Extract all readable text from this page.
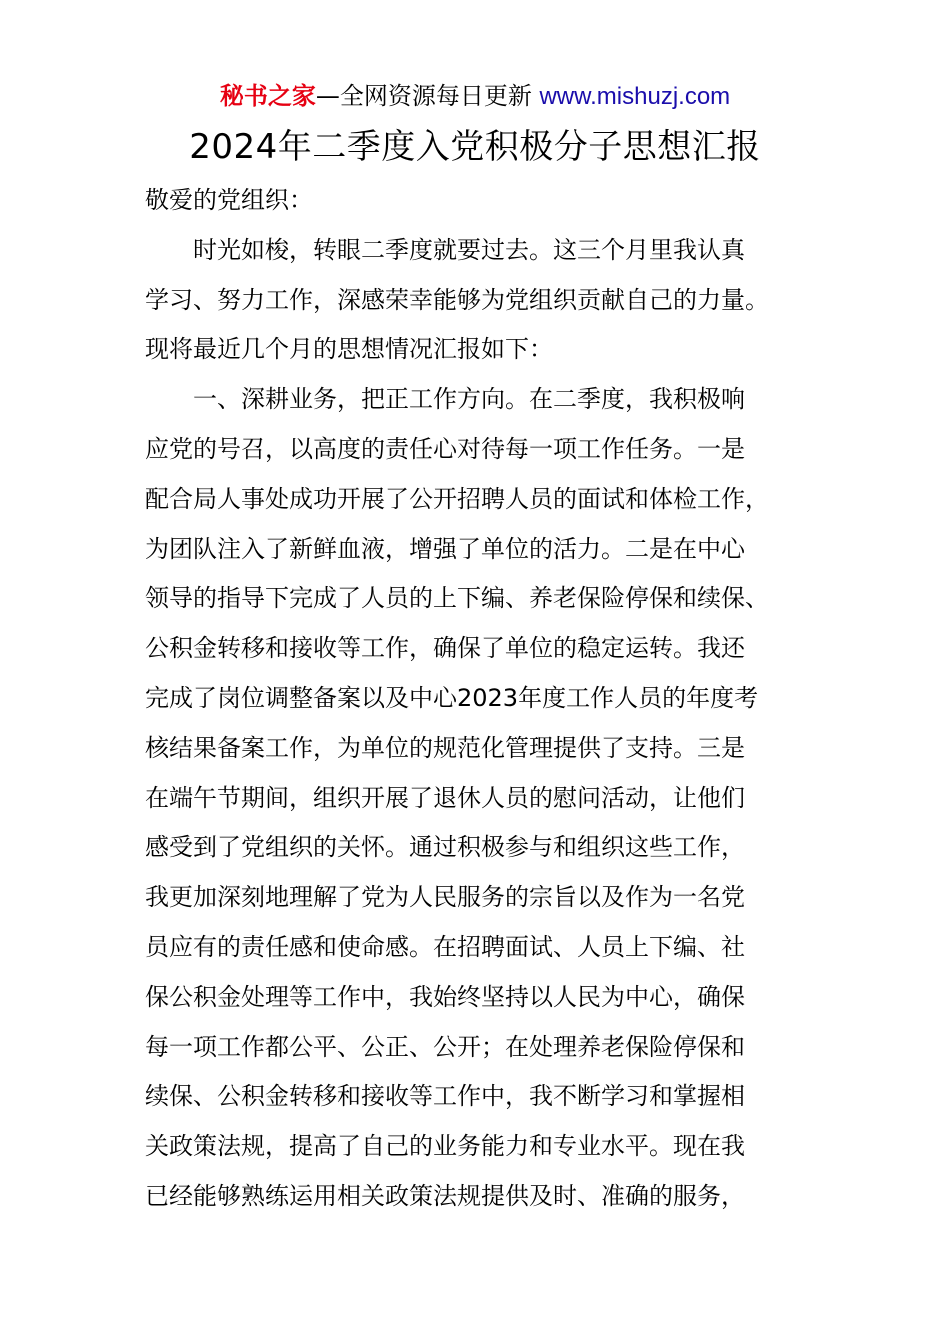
秘书之家—全网资源每日更新 www.mishuzj.com
2024年二季度入党积极分子思想汇报
敬爱的党组织：
时光如梭，转眼二季度就要过去。这三个月里我认真
学习、努力工作，深感荣幸能够为党组织贡献自己的力量。
现将最近几个月的思想情况汇报如下：
一、深耕业务，把正工作方向。在二季度，我积极响
应党的号召，以高度的责任心对待每一项工作任务。一是
配合局人事处成功开展了公开招聘人员的面试和体检工作，
为团队注入了新鲜血液，增强了单位的活力。二是在中心
领导的指导下完成了人员的上下编、养老保险停保和续保、
公积金转移和接收等工作，确保了单位的稳定运转。我还
完成了岗位调整备案以及中心2023年度工作人员的年度考
核结果备案工作，为单位的规范化管理提供了支持。三是
在端午节期间，组织开展了退休人员的慰问活动，让他们
感受到了党组织的关怀。通过积极参与和组织这些工作，
我更加深刻地理解了党为人民服务的宗旨以及作为一名党
员应有的责任感和使命感。在招聘面试、人员上下编、社
保公积金处理等工作中，我始终坚持以人民为中心，确保
每一项工作都公平、公正、公开；在处理养老保险停保和
续保、公积金转移和接收等工作中，我不断学习和掌握相
关政策法规，提高了自己的业务能力和专业水平。现在我
已经能够熟练运用相关政策法规提供及时、准确的服务，
